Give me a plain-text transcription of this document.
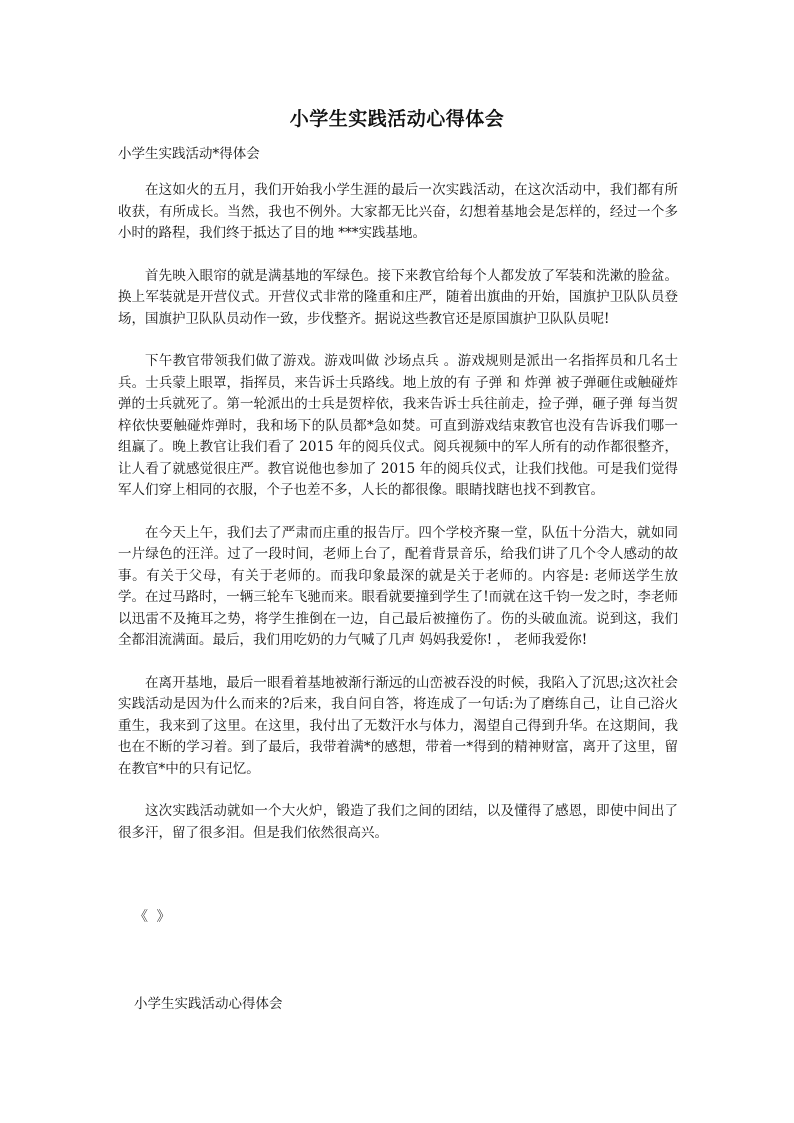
小学生实践活动心得体会
小学生实践活动*得体会

在这如火的五月，我们开始我小学生涯的最后一次实践活动，在这次活动中，我们都有所收获，有所成长。当然，我也不例外。大家都无比兴奋，幻想着基地会是怎样的，经过一个多小时的路程，我们终于抵达了目的地 ***实践基地。

首先映入眼帘的就是满基地的军绿色。接下来教官给每个人都发放了军装和洗漱的脸盆。换上军装就是开营仪式。开营仪式非常的隆重和庄严，随着出旗曲的开始，国旗护卫队队员登场，国旗护卫队队员动作一致，步伐整齐。据说这些教官还是原国旗护卫队队员呢!

下午教官带领我们做了游戏。游戏叫做 沙场点兵 。游戏规则是派出一名指挥员和几名士兵。士兵蒙上眼罩，指挥员，来告诉士兵路线。地上放的有 子弹 和 炸弹 被子弹砸住或触碰炸弹的士兵就死了。第一轮派出的士兵是贺梓依，我来告诉士兵往前走，捡子弹，砸子弹 每当贺梓依快要触碰炸弹时，我和场下的队员都*急如焚。可直到游戏结束教官也没有告诉我们哪一组赢了。晚上教官让我们看了 2015 年的阅兵仪式。阅兵视频中的军人所有的动作都很整齐，让人看了就感觉很庄严。教官说他也参加了 2015 年的阅兵仪式，让我们找他。可是我们觉得军人们穿上相同的衣服，个子也差不多，人长的都很像。眼睛找瞎也找不到教官。

在今天上午，我们去了严肃而庄重的报告厅。四个学校齐聚一堂，队伍十分浩大，就如同一片绿色的汪洋。过了一段时间，老师上台了，配着背景音乐，给我们讲了几个令人感动的故事。有关于父母，有关于老师的。而我印象最深的就是关于老师的。内容是: 老师送学生放学。在过马路时，一辆三轮车飞驰而来。眼看就要撞到学生了!而就在这千钧一发之时，李老师以迅雷不及掩耳之势，将学生推倒在一边，自己最后被撞伤了。伤的头破血流。说到这，我们全都泪流满面。最后，我们用吃奶的力气喊了几声 妈妈我爱你! ， 老师我爱你!

在离开基地，最后一眼看着基地被渐行渐远的山峦被吞没的时候，我陷入了沉思;这次社会实践活动是因为什么而来的?后来，我自问自答，将连成了一句话:为了磨练自己，让自己浴火重生，我来到了这里。在这里，我付出了无数汗水与体力，渴望自己得到升华。在这期间，我也在不断的学习着。到了最后，我带着满*的感想，带着一*得到的精神财富，离开了这里，留在教官*中的只有记忆。

这次实践活动就如一个大火炉，锻造了我们之间的团结，以及懂得了感恩，即使中间出了很多汗，留了很多泪。但是我们依然很高兴。

《 》
小学生实践活动心得体会
